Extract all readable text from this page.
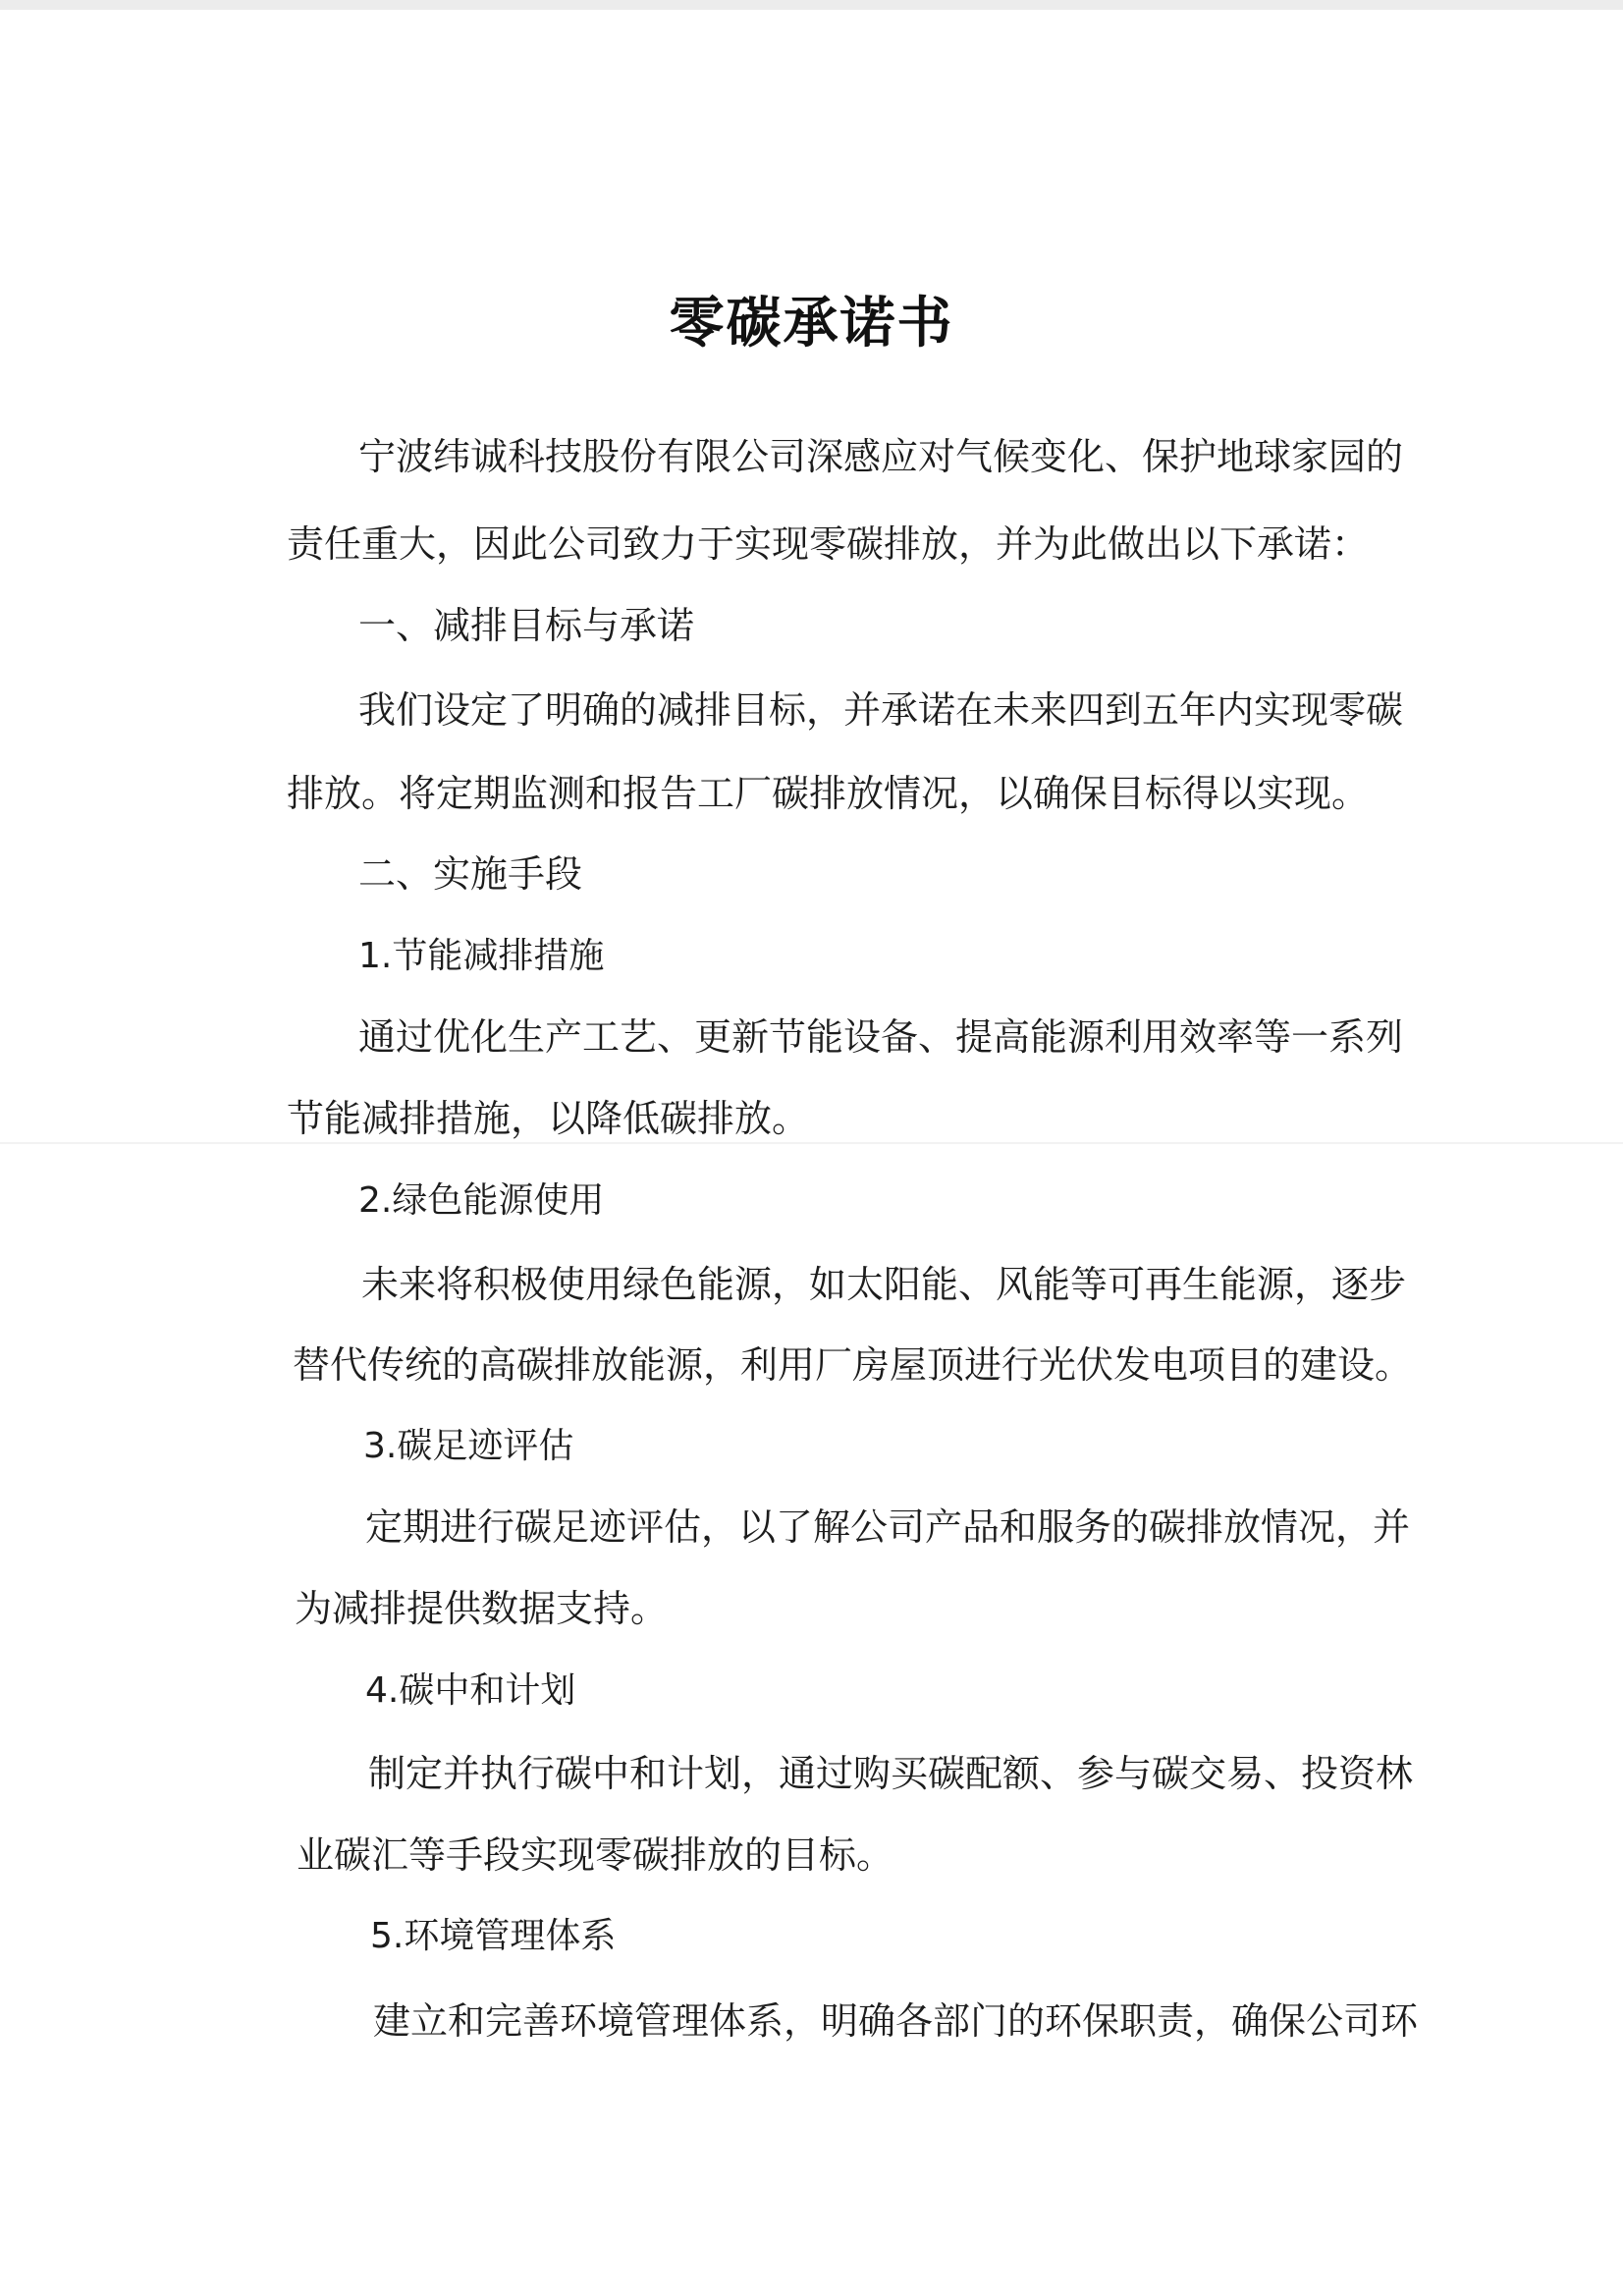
零碳承诺书
宁波纬诚科技股份有限公司深感应对气候变化、保护地球家园的
责任重大，因此公司致力于实现零碳排放，并为此做出以下承诺：
一、减排目标与承诺
我们设定了明确的减排目标，并承诺在未来四到五年内实现零碳
排放。将定期监测和报告工厂碳排放情况，以确保目标得以实现。
二、实施手段
1.节能减排措施
通过优化生产工艺、更新节能设备、提高能源利用效率等一系列
节能减排措施，以降低碳排放。
2.绿色能源使用
未来将积极使用绿色能源，如太阳能、风能等可再生能源，逐步
替代传统的高碳排放能源，利用厂房屋顶进行光伏发电项目的建设。
3.碳足迹评估
定期进行碳足迹评估，以了解公司产品和服务的碳排放情况，并
为减排提供数据支持。
4.碳中和计划
制定并执行碳中和计划，通过购买碳配额、参与碳交易、投资林
业碳汇等手段实现零碳排放的目标。
5.环境管理体系
建立和完善环境管理体系，明确各部门的环保职责，确保公司环
